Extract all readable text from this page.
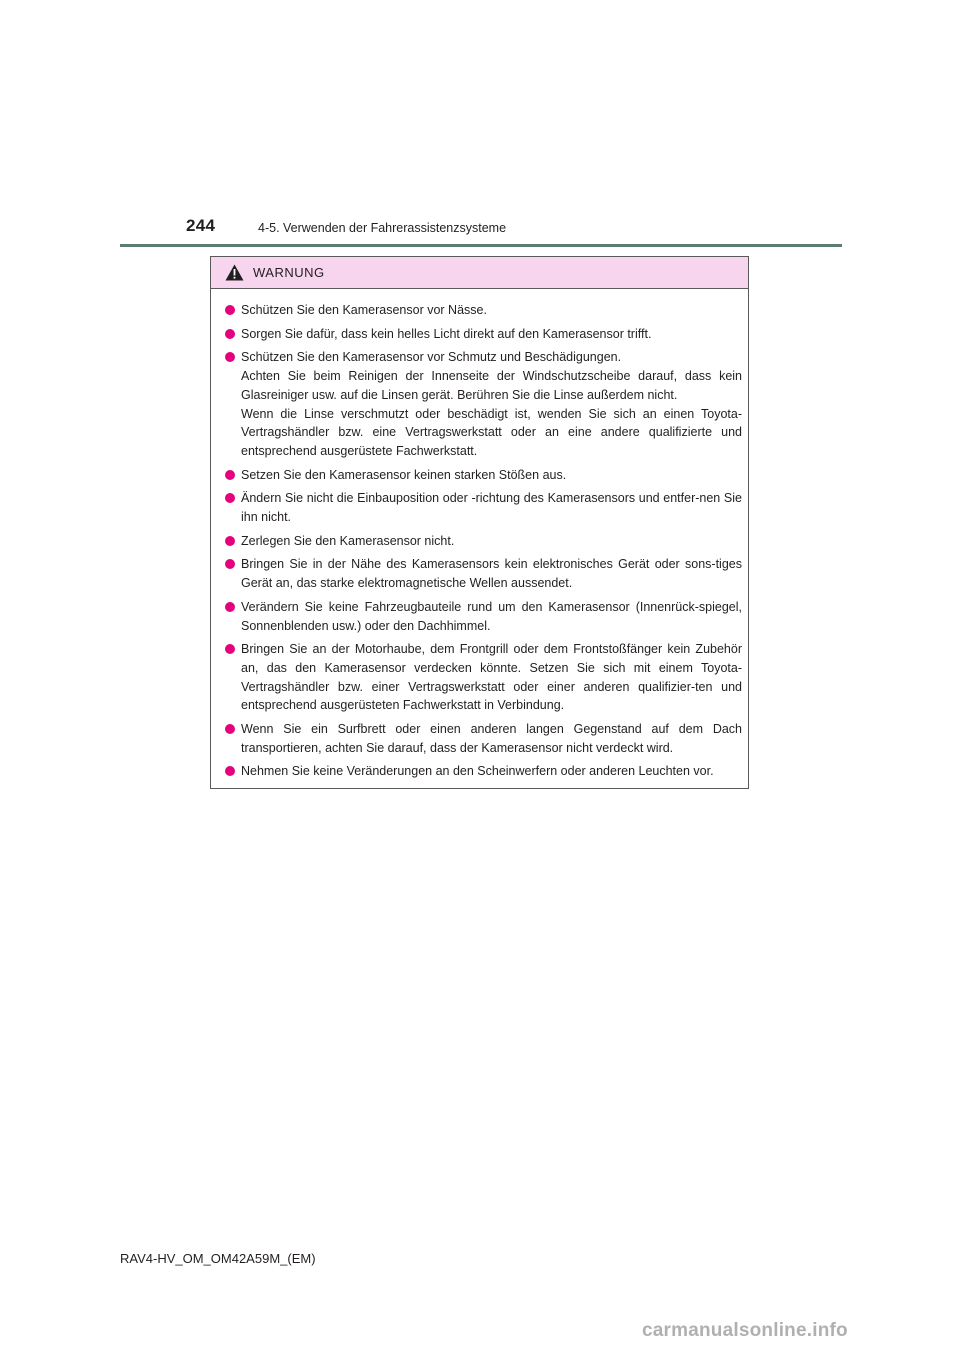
244	4-5. Verwenden der Fahrerassistenzsysteme
WARNUNG
Schützen Sie den Kamerasensor vor Nässe.
Sorgen Sie dafür, dass kein helles Licht direkt auf den Kamerasensor trifft.
Schützen Sie den Kamerasensor vor Schmutz und Beschädigungen.
Achten Sie beim Reinigen der Innenseite der Windschutzscheibe darauf, dass kein Glasreiniger usw. auf die Linsen gerät. Berühren Sie die Linse außerdem nicht.
Wenn die Linse verschmutzt oder beschädigt ist, wenden Sie sich an einen Toyota-Vertragshändler bzw. eine Vertragswerkstatt oder an eine andere qualifizierte und entsprechend ausgerüstete Fachwerkstatt.
Setzen Sie den Kamerasensor keinen starken Stößen aus.
Ändern Sie nicht die Einbauposition oder -richtung des Kamerasensors und entfer-nen Sie ihn nicht.
Zerlegen Sie den Kamerasensor nicht.
Bringen Sie in der Nähe des Kamerasensors kein elektronisches Gerät oder sons-tiges Gerät an, das starke elektromagnetische Wellen aussendet.
Verändern Sie keine Fahrzeugbauteile rund um den Kamerasensor (Innenrück-spiegel, Sonnenblenden usw.) oder den Dachhimmel.
Bringen Sie an der Motorhaube, dem Frontgrill oder dem Frontstoßfänger kein Zubehör an, das den Kamerasensor verdecken könnte. Setzen Sie sich mit einem Toyota-Vertragshändler bzw. einer Vertragswerkstatt oder einer anderen qualifizier-ten und entsprechend ausgerüsteten Fachwerkstatt in Verbindung.
Wenn Sie ein Surfbrett oder einen anderen langen Gegenstand auf dem Dach transportieren, achten Sie darauf, dass der Kamerasensor nicht verdeckt wird.
Nehmen Sie keine Veränderungen an den Scheinwerfern oder anderen Leuchten vor.
RAV4-HV_OM_OM42A59M_(EM)
carmanualsonline.info
